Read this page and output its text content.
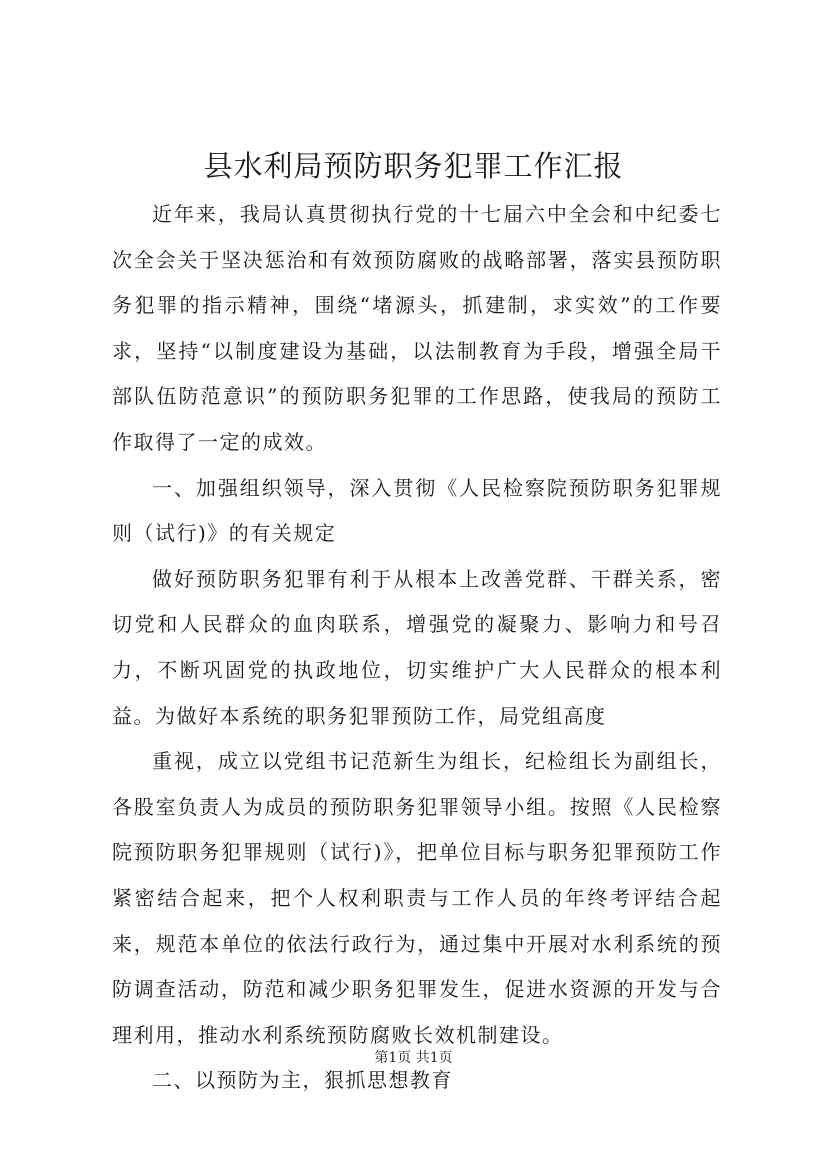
县水利局预防职务犯罪工作汇报

近年来，我局认真贯彻执行党的十七届六中全会和中纪委七次全会关于坚决惩治和有效预防腐败的战略部署，落实县预防职务犯罪的指示精神，围绕“堵源头，抓建制，求实效”的工作要求，坚持“以制度建设为基础，以法制教育为手段，增强全局干部队伍防范意识”的预防职务犯罪的工作思路，使我局的预防工作取得了一定的成效。

一、加强组织领导，深入贯彻《人民检察院预防职务犯罪规则（试行)》的有关规定

做好预防职务犯罪有利于从根本上改善党群、干群关系，密切党和人民群众的血肉联系，增强党的凝聚力、影响力和号召力，不断巩固党的执政地位，切实维护广大人民群众的根本利益。为做好本系统的职务犯罪预防工作，局党组高度

重视，成立以党组书记范新生为组长，纪检组长为副组长，各股室负责人为成员的预防职务犯罪领导小组。按照《人民检察院预防职务犯罪规则（试行)》，把单位目标与职务犯罪预防工作紧密结合起来，把个人权利职责与工作人员的年终考评结合起来，规范本单位的依法行政行为，通过集中开展对水利系统的预防调查活动，防范和减少职务犯罪发生，促进水资源的开发与合理利用，推动水利系统预防腐败长效机制建设。

二、以预防为主，狠抓思想教育

第1页 共1页
